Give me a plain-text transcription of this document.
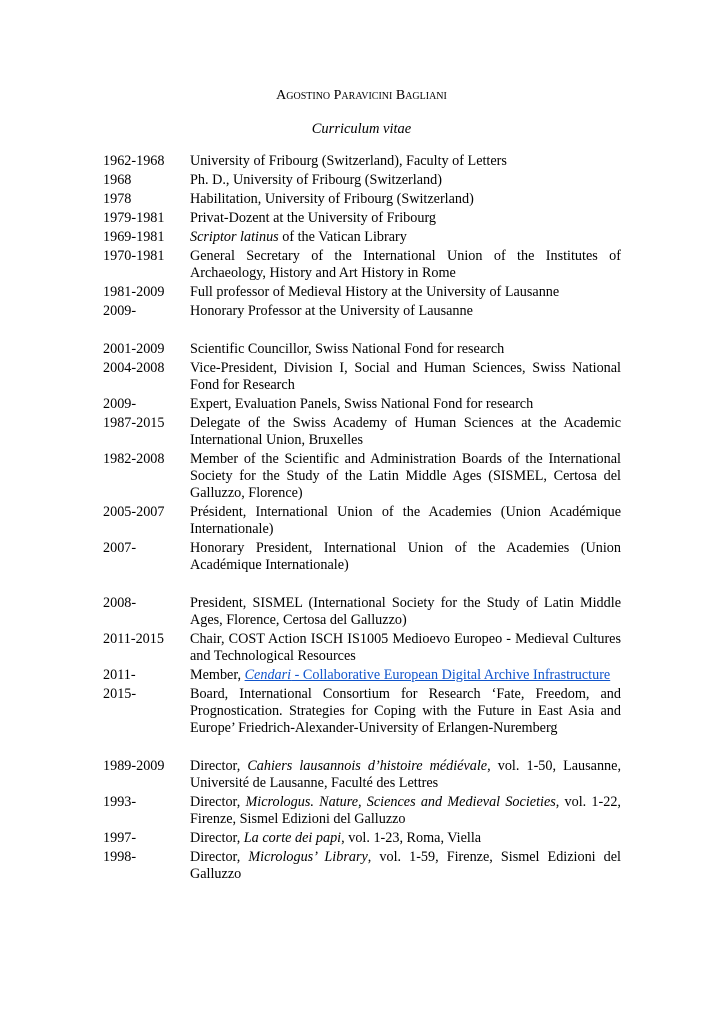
Agostino Paravicini Bagliani
Curriculum vitae
1962-1968	University of Fribourg (Switzerland), Faculty of Letters
1968	Ph. D., University of Fribourg (Switzerland)
1978	Habilitation, University of Fribourg (Switzerland)
1979-1981	Privat-Dozent at the University of Fribourg
1969-1981	Scriptor latinus of the Vatican Library
1970-1981	General Secretary of the International Union of the Institutes of Archaeology, History and Art History in Rome
1981-2009	Full professor of Medieval History at the University of Lausanne
2009-	Honorary Professor at the University of Lausanne
2001-2009	Scientific Councillor, Swiss National Fond for research
2004-2008	Vice-President, Division I, Social and Human Sciences, Swiss National Fond for Research
2009-	Expert, Evaluation Panels, Swiss National Fond for research
1987-2015	Delegate of the Swiss Academy of Human Sciences at the Academic International Union, Bruxelles
1982-2008	Member of the Scientific and Administration Boards of the International Society for the Study of the Latin Middle Ages (SISMEL, Certosa del Galluzzo, Florence)
2005-2007	Président, International Union of the Academies (Union Académique Internationale)
2007-	Honorary President, International Union of the Academies (Union Académique Internationale)
2008-	President, SISMEL (International Society for the Study of Latin Middle Ages, Florence, Certosa del Galluzzo)
2011-2015	Chair, COST Action ISCH IS1005 Medioevo Europeo - Medieval Cultures and Technological Resources
2011-	Member, Cendari - Collaborative European Digital Archive Infrastructure
2015-	Board, International Consortium for Research ‘Fate, Freedom, and Prognostication. Strategies for Coping with the Future in East Asia and Europe’ Friedrich-Alexander-University of Erlangen-Nuremberg
1989-2009	Director, Cahiers lausannois d’histoire médiévale, vol. 1-50, Lausanne, Université de Lausanne, Faculté des Lettres
1993-	Director, Micrologus. Nature, Sciences and Medieval Societies, vol. 1-22, Firenze, Sismel Edizioni del Galluzzo
1997-	Director, La corte dei papi, vol. 1-23, Roma, Viella
1998-	Director, Micrologus’ Library, vol. 1-59, Firenze, Sismel Edizioni del Galluzzo
